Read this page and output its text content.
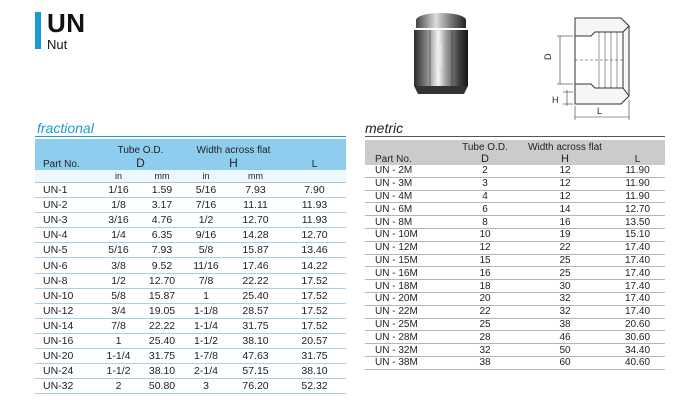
UN
Nut
D
H
L
fractional
Part No.	Tube O.D.		Width across flat		L
	D		H		
	in	mm	in	mm	
UN-1	1/16	1.59	5/16	7.93	7.90
UN-2	1/8	3.17	7/16	11.11	11.93
UN-3	3/16	4.76	1/2	12.70	11.93
UN-4	1/4	6.35	9/16	14.28	12.70
UN-5	5/16	7.93	5/8	15.87	13.46
UN-6	3/8	9.52	11/16	17.46	14.22
UN-8	1/2	12.70	7/8	22.22	17.52
UN-10	5/8	15.87	1	25.40	17.52
UN-12	3/4	19.05	1-1/8	28.57	17.52
UN-14	7/8	22.22	1-1/4	31.75	17.52
UN-16	1	25.40	1-1/2	38.10	20.57
UN-20	1-1/4	31.75	1-7/8	47.63	31.75
UN-24	1-1/2	38.10	2-1/4	57.15	38.10
UN-32	2	50.80	3	76.20	52.32
metric
Part No.	Tube O.D.	Width across flat	L
	D	H	
UN - 2M	2	12	11.90
UN - 3M	3	12	11.90
UN - 4M	4	12	11.90
UN - 6M	6	14	12.70
UN - 8M	8	16	13.50
UN - 10M	10	19	15.10
UN - 12M	12	22	17.40
UN - 15M	15	25	17.40
UN - 16M	16	25	17.40
UN - 18M	18	30	17.40
UN - 20M	20	32	17.40
UN - 22M	22	32	17.40
UN - 25M	25	38	20.60
UN - 28M	28	46	30.60
UN - 32M	32	50	34.40
UN - 38M	38	60	40.60
